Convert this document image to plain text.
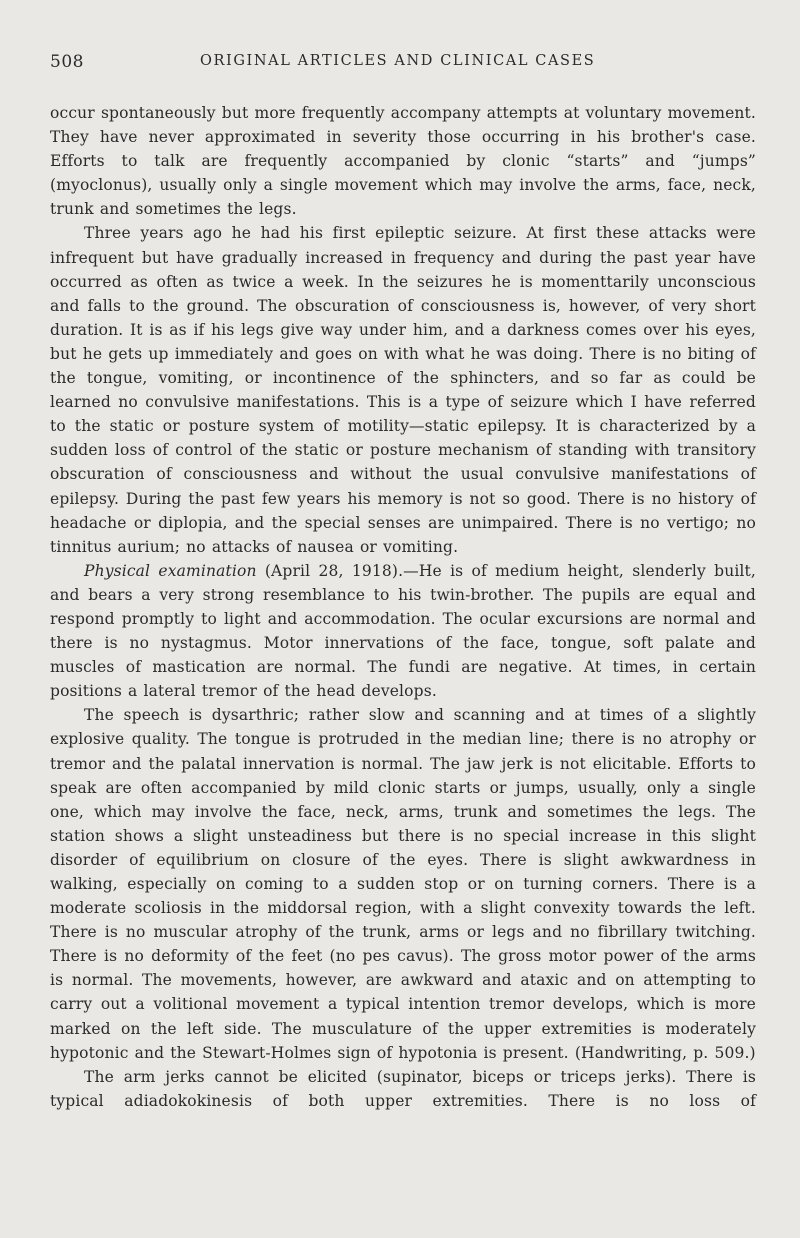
508	ORIGINAL ARTICLES AND CLINICAL CASES

occur spontaneously but more frequently accompany attempts at voluntary movement. They have never approximated in severity those occurring in his brother's case. Efforts to talk are frequently accompanied by clonic “starts” and “jumps” (myoclonus), usually only a single movement which may involve the arms, face, neck, trunk and sometimes the legs.

Three years ago he had his first epileptic seizure. At first these attacks were infrequent but have gradually increased in frequency and during the past year have occurred as often as twice a week. In the seizures he is momenttarily unconscious and falls to the ground. The obscuration of consciousness is, however, of very short duration. It is as if his legs give way under him, and a darkness comes over his eyes, but he gets up immediately and goes on with what he was doing. There is no biting of the tongue, vomiting, or incontinence of the sphincters, and so far as could be learned no convulsive manifestations. This is a type of seizure which I have referred to the static or posture system of motility—static epilepsy. It is characterized by a sudden loss of control of the static or posture mechanism of standing with transitory obscuration of consciousness and without the usual convulsive manifestations of epilepsy. During the past few years his memory is not so good. There is no history of headache or diplopia, and the special senses are unimpaired. There is no vertigo; no tinnitus aurium; no attacks of nausea or vomiting.

Physical examination (April 28, 1918).—He is of medium height, slenderly built, and bears a very strong resemblance to his twin-brother. The pupils are equal and respond promptly to light and accommodation. The ocular excursions are normal and there is no nystagmus. Motor innervations of the face, tongue, soft palate and muscles of mastication are normal. The fundi are negative. At times, in certain positions a lateral tremor of the head develops.

The speech is dysarthric; rather slow and scanning and at times of a slightly explosive quality. The tongue is protruded in the median line; there is no atrophy or tremor and the palatal innervation is normal. The jaw jerk is not elicitable. Efforts to speak are often accompanied by mild clonic starts or jumps, usually, only a single one, which may involve the face, neck, arms, trunk and sometimes the legs. The station shows a slight unsteadiness but there is no special increase in this slight disorder of equilibrium on closure of the eyes. There is slight awkwardness in walking, especially on coming to a sudden stop or on turning corners. There is a moderate scoliosis in the middorsal region, with a slight convexity towards the left. There is no muscular atrophy of the trunk, arms or legs and no fibrillary twitching. There is no deformity of the feet (no pes cavus). The gross motor power of the arms is normal. The movements, however, are awkward and ataxic and on attempting to carry out a volitional movement a typical intention tremor develops, which is more marked on the left side. The musculature of the upper extremities is moderately hypotonic and the Stewart-Holmes sign of hypotonia is present. (Handwriting, p. 509.)

The arm jerks cannot be elicited (supinator, biceps or triceps jerks). There is typical adiadokokinesis of both upper extremities. There is no loss of
